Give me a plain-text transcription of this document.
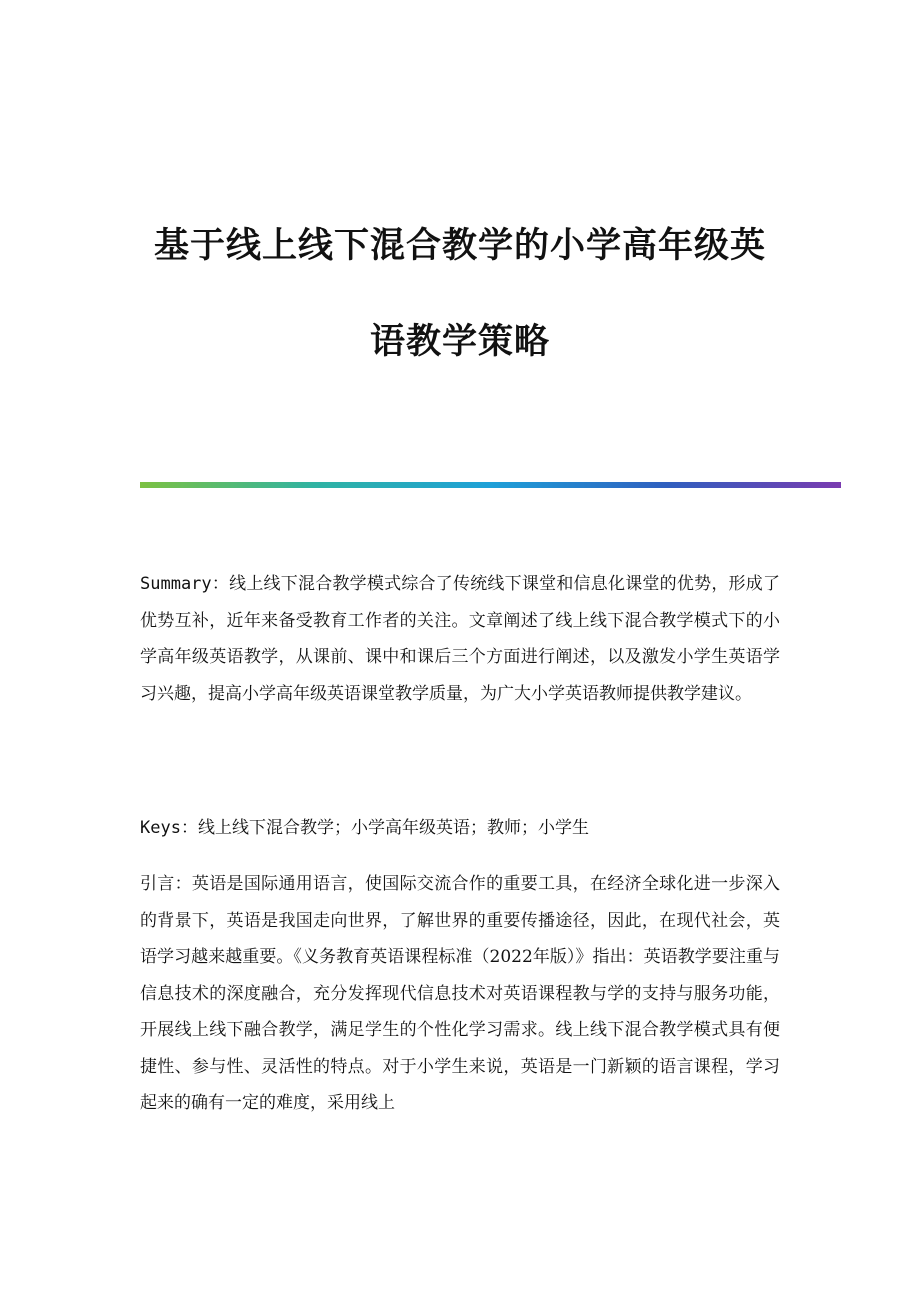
基于线上线下混合教学的小学高年级英
语教学策略

Summary：线上线下混合教学模式综合了传统线下课堂和信息化课堂的优势，形成了优势互补，近年来备受教育工作者的关注。文章阐述了线上线下混合教学模式下的小学高年级英语教学，从课前、课中和课后三个方面进行阐述，以及激发小学生英语学习兴趣，提高小学高年级英语课堂教学质量，为广大小学英语教师提供教学建议。

Keys：线上线下混合教学；小学高年级英语；教师；小学生

引言：英语是国际通用语言，使国际交流合作的重要工具，在经济全球化进一步深入的背景下，英语是我国走向世界，了解世界的重要传播途径，因此，在现代社会，英语学习越来越重要。《义务教育英语课程标准（2022年版）》指出：英语教学要注重与信息技术的深度融合，充分发挥现代信息技术对英语课程教与学的支持与服务功能，开展线上线下融合教学，满足学生的个性化学习需求。线上线下混合教学模式具有便捷性、参与性、灵活性的特点。对于小学生来说，英语是一门新颖的语言课程，学习起来的确有一定的难度，采用线上
